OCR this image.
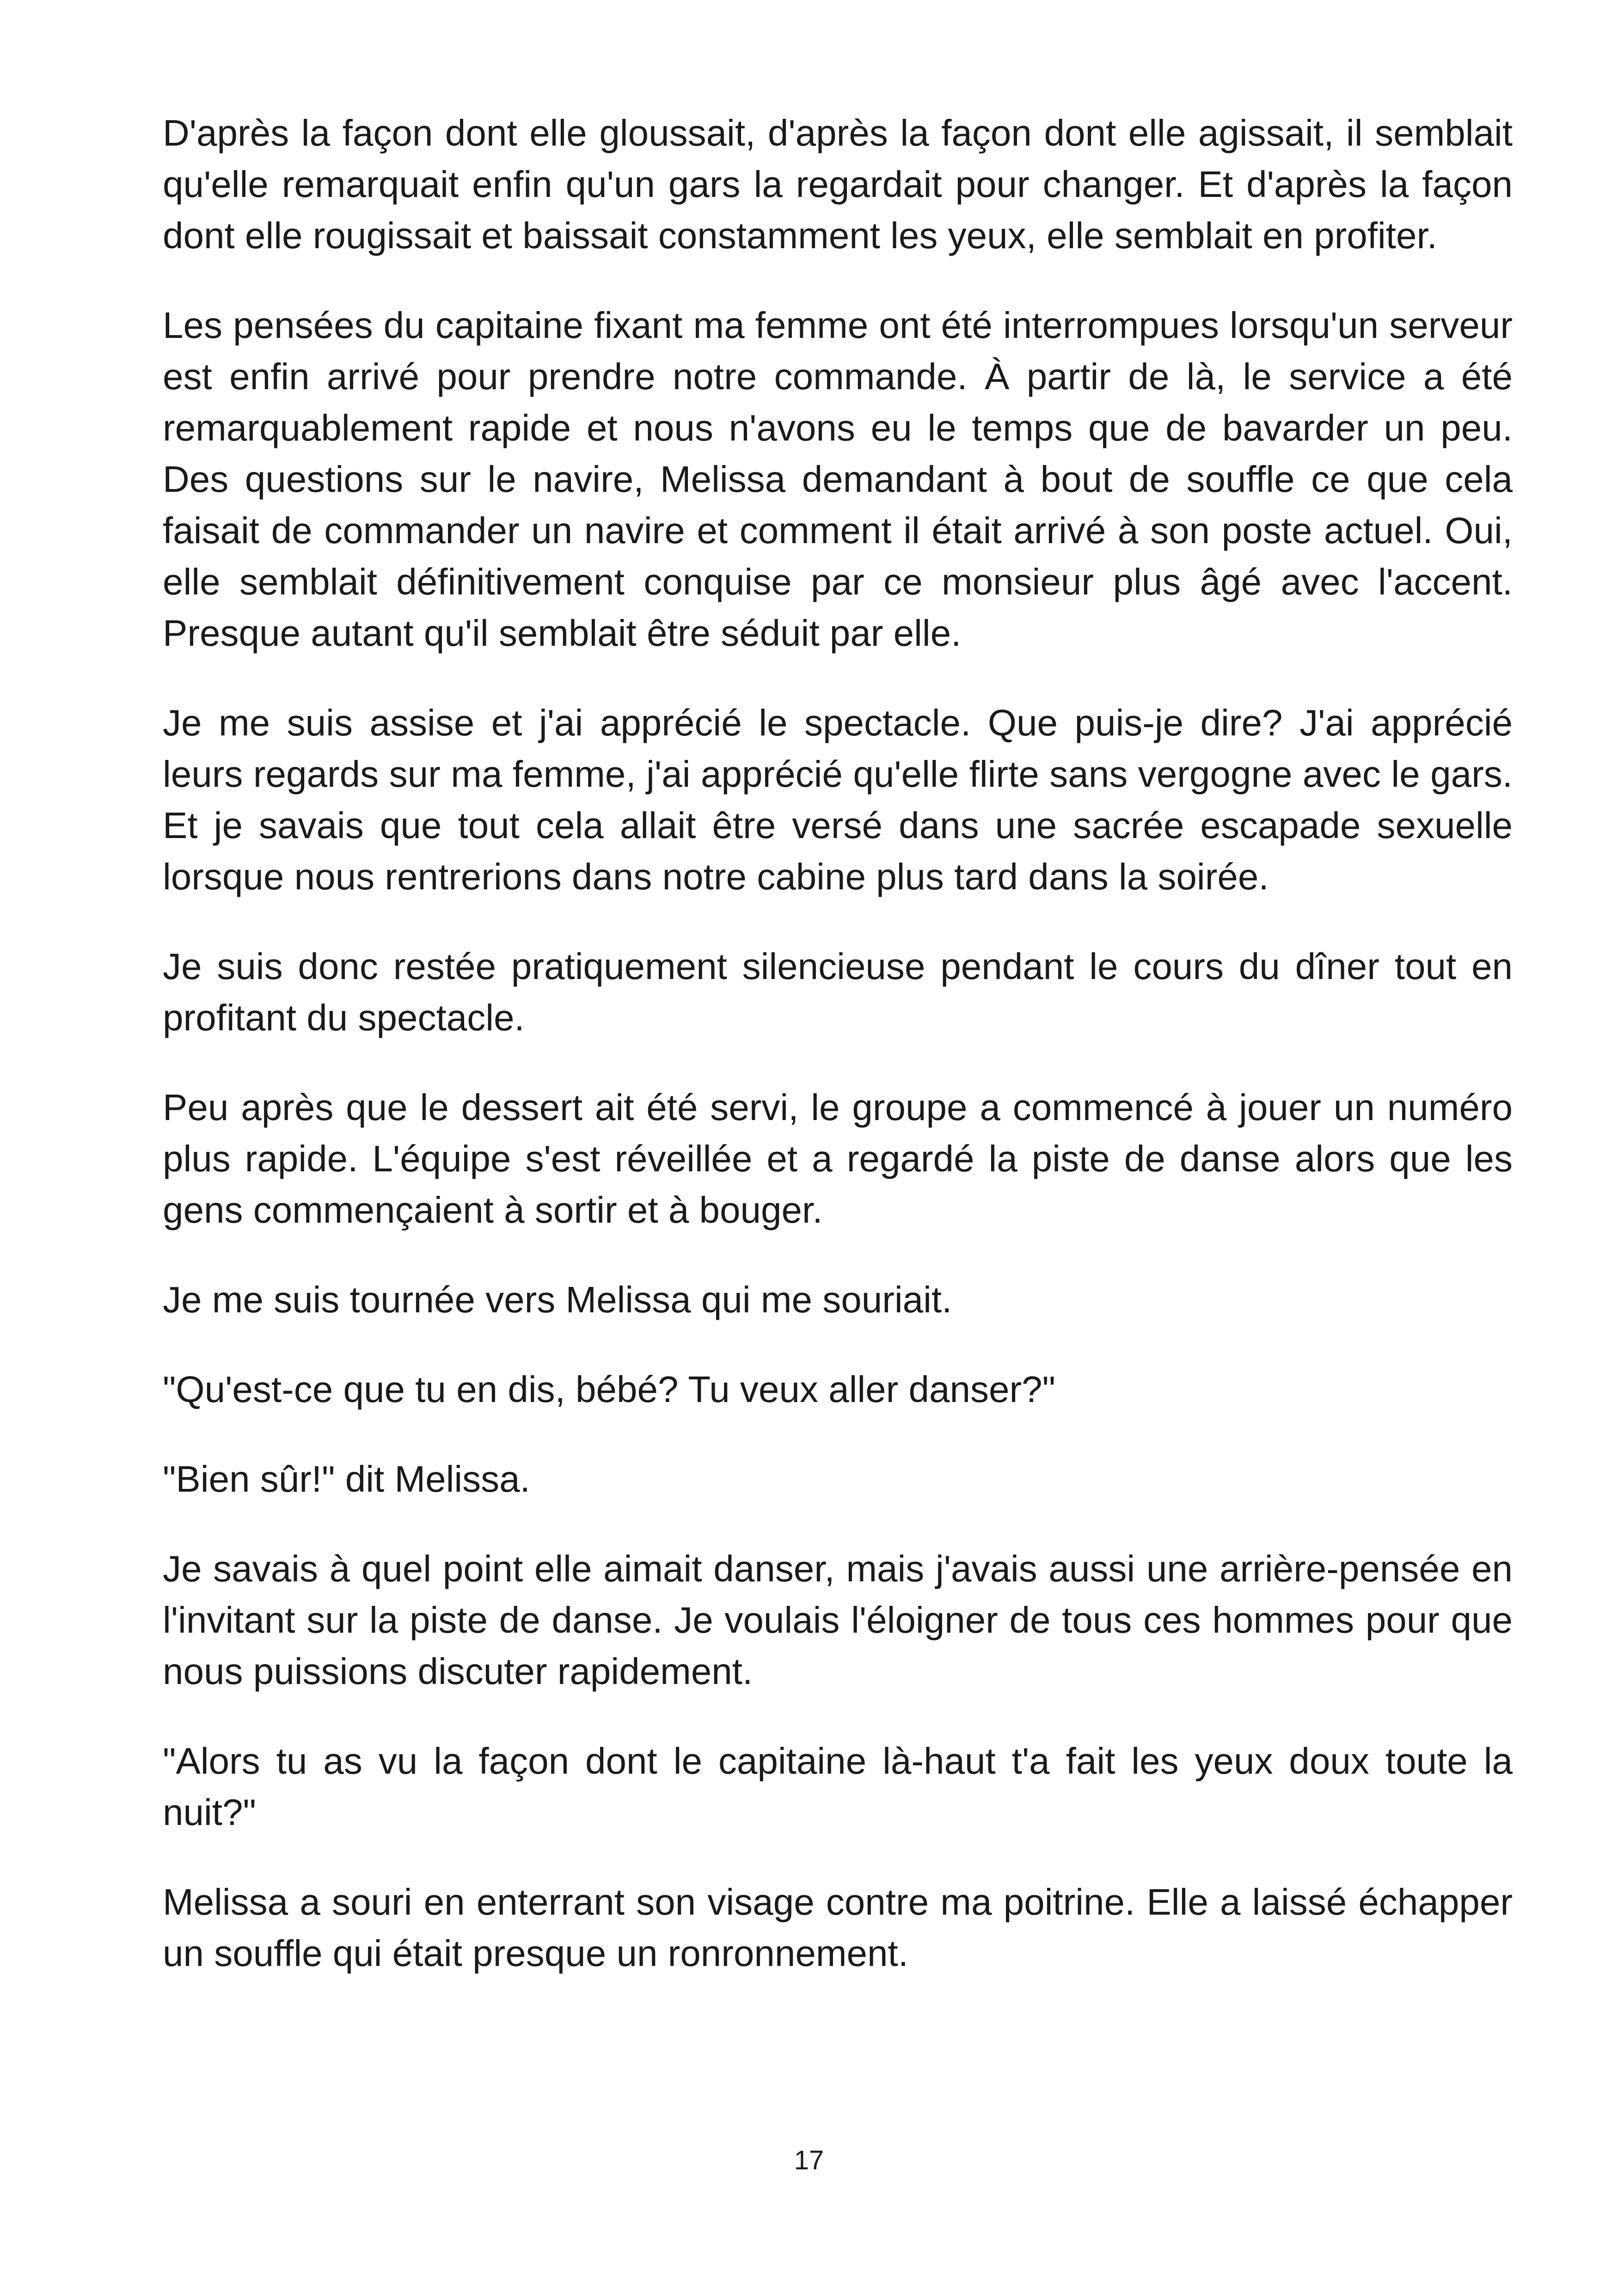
D'après la façon dont elle gloussait, d'après la façon dont elle agissait, il semblait qu'elle remarquait enfin qu'un gars la regardait pour changer. Et d'après la façon dont elle rougissait et baissait constamment les yeux, elle semblait en profiter.

Les pensées du capitaine fixant ma femme ont été interrompues lorsqu'un serveur est enfin arrivé pour prendre notre commande. À partir de là, le service a été remarquablement rapide et nous n'avons eu le temps que de bavarder un peu. Des questions sur le navire, Melissa demandant à bout de souffle ce que cela faisait de commander un navire et comment il était arrivé à son poste actuel. Oui, elle semblait définitivement conquise par ce monsieur plus âgé avec l'accent. Presque autant qu'il semblait être séduit par elle.

Je me suis assise et j'ai apprécié le spectacle. Que puis-je dire? J'ai apprécié leurs regards sur ma femme, j'ai apprécié qu'elle flirte sans vergogne avec le gars. Et je savais que tout cela allait être versé dans une sacrée escapade sexuelle lorsque nous rentrerions dans notre cabine plus tard dans la soirée.

Je suis donc restée pratiquement silencieuse pendant le cours du dîner tout en profitant du spectacle.

Peu après que le dessert ait été servi, le groupe a commencé à jouer un numéro plus rapide. L'équipe s'est réveillée et a regardé la piste de danse alors que les gens commençaient à sortir et à bouger.

Je me suis tournée vers Melissa qui me souriait.

"Qu'est-ce que tu en dis, bébé? Tu veux aller danser?"

"Bien sûr!" dit Melissa.

Je savais à quel point elle aimait danser, mais j'avais aussi une arrière-pensée en l'invitant sur la piste de danse. Je voulais l'éloigner de tous ces hommes pour que nous puissions discuter rapidement.

"Alors tu as vu la façon dont le capitaine là-haut t'a fait les yeux doux toute la nuit?"

Melissa a souri en enterrant son visage contre ma poitrine. Elle a laissé échapper un souffle qui était presque un ronronnement.

17
